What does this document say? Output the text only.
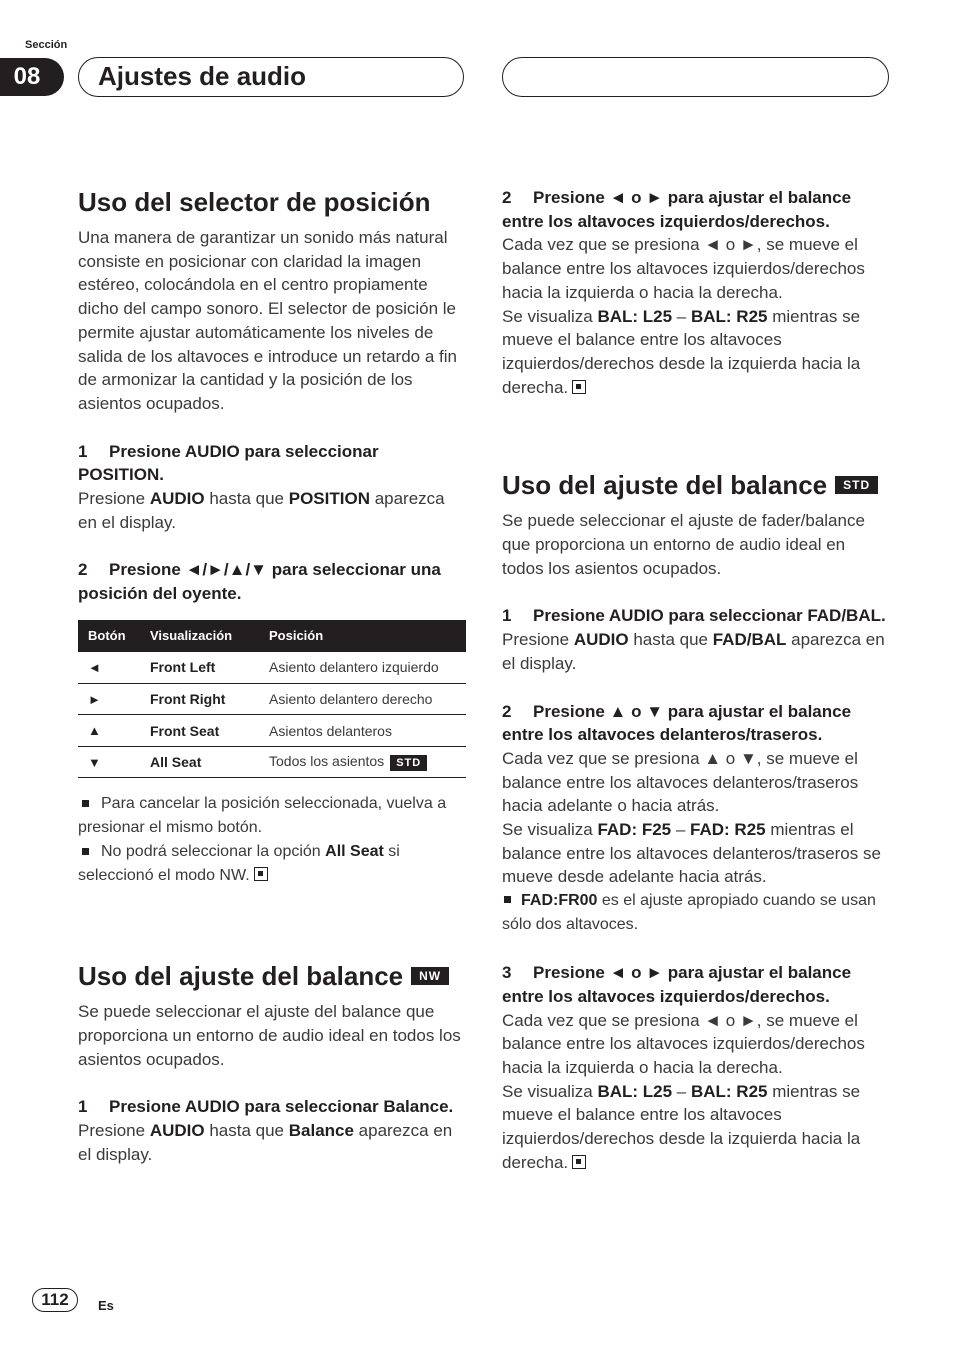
Sección
08	Ajustes de audio
Uso del selector de posición

Una manera de garantizar un sonido más natural consiste en posicionar con claridad la imagen estéreo, colocándola en el centro propiamente dicho del campo sonoro. El selector de posición le permite ajustar automáticamente los niveles de salida de los altavoces e introduce un retardo a fin de armonizar la cantidad y la posición de los asientos ocupados.

1 Presione AUDIO para seleccionar POSITION.

Presione AUDIO hasta que POSITION aparezca en el display.

2 Presione ◄/►/▲/▼ para seleccionar una posición del oyente.
Botón	Visualización	Posición
◄	Front Left	Asiento delantero izquierdo
►	Front Right	Asiento delantero derecho
▲	Front Seat	Asientos delanteros
▼	All Seat	Todos los asientos STD

Para cancelar la posición seleccionada, vuelva a presionar el mismo botón.

No podrá seleccionar la opción All Seat si seleccionó el modo NW.

Uso del ajuste del balance	NW

Se puede seleccionar el ajuste del balance que proporciona un entorno de audio ideal en todos los asientos ocupados.

1 Presione AUDIO para seleccionar Balance.

Presione AUDIO hasta que Balance aparezca en el display.

2 Presione ◄ o ► para ajustar el balance entre los altavoces izquierdos/derechos.

Cada vez que se presiona ◄ o ►, se mueve el balance entre los altavoces izquierdos/derechos hacia la izquierda o hacia la derecha.

Se visualiza BAL: L25 – BAL: R25 mientras se mueve el balance entre los altavoces izquierdos/derechos desde la izquierda hacia la derecha.

Uso del ajuste del balance	STD

Se puede seleccionar el ajuste de fader/balance que proporciona un entorno de audio ideal en todos los asientos ocupados.

1 Presione AUDIO para seleccionar FAD/BAL.

Presione AUDIO hasta que FAD/BAL aparezca en el display.

2 Presione ▲ o ▼ para ajustar el balance entre los altavoces delanteros/traseros.

Cada vez que se presiona ▲ o ▼, se mueve el balance entre los altavoces delanteros/traseros hacia adelante o hacia atrás.

Se visualiza FAD: F25 – FAD: R25 mientras el balance entre los altavoces delanteros/traseros se mueve desde adelante hacia atrás.

FAD:FR00 es el ajuste apropiado cuando se usan sólo dos altavoces.

3 Presione ◄ o ► para ajustar el balance entre los altavoces izquierdos/derechos.

Cada vez que se presiona ◄ o ►, se mueve el balance entre los altavoces izquierdos/derechos hacia la izquierda o hacia la derecha.

Se visualiza BAL: L25 – BAL: R25 mientras se mueve el balance entre los altavoces izquierdos/derechos desde la izquierda hacia la derecha.

112	Es
